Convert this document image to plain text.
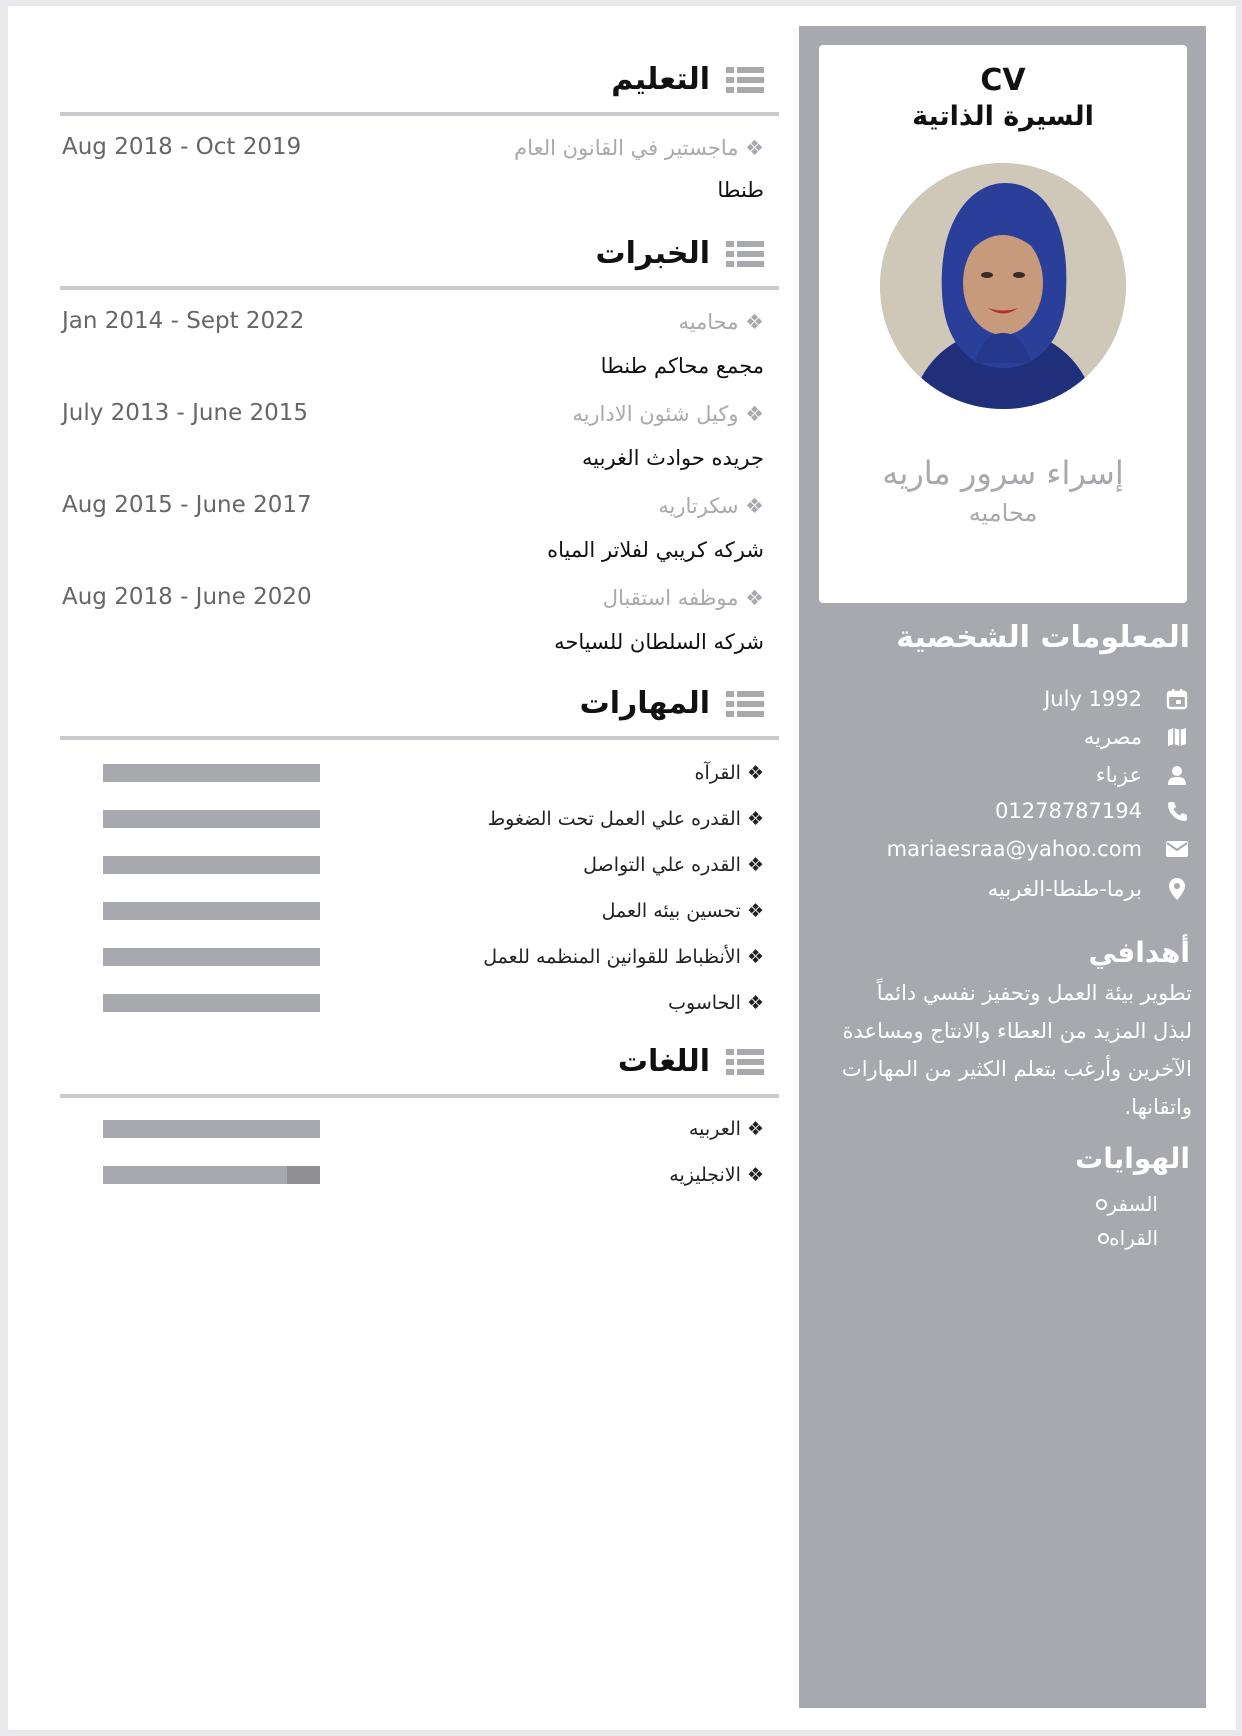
CV
السيرة الذاتية
إسراء سرور ماريه
محاميه
المعلومات الشخصية
July 1992
مصريه
عزباء
01278787194
mariaesraa@yahoo.com
برما-طنطا-الغربيه
أهدافي
تطوير بيئة العمل وتحفيز نفسي دائماً لبذل المزيد من العطاء والانتاج ومساعدة الآخرين وأرغب بتعلم الكثير من المهارات واتقانها.
الهوايات
السفر
القراه
التعليم
❖ ماجستير في القانون العام
Aug 2018 - Oct 2019
طنطا
الخبرات
❖ محاميه
Jan 2014 - Sept 2022
مجمع محاكم طنطا
❖ وكيل شئون الاداريه
July 2013 - June 2015
جريده حوادث الغربيه
❖ سكرتاريه
Aug 2015 - June 2017
شركه كريبي لفلاتر المياه
❖ موظفه استقبال
Aug 2018 - June 2020
شركه السلطان للسياحه
المهارات
❖ القرآه
❖ القدره علي العمل تحت الضغوط
❖ القدره علي التواصل
❖ تحسين بيئه العمل
❖ الأنظباط للقوانين المنظمه للعمل
❖ الحاسوب
اللغات
❖ العربيه
❖ الانجليزيه
